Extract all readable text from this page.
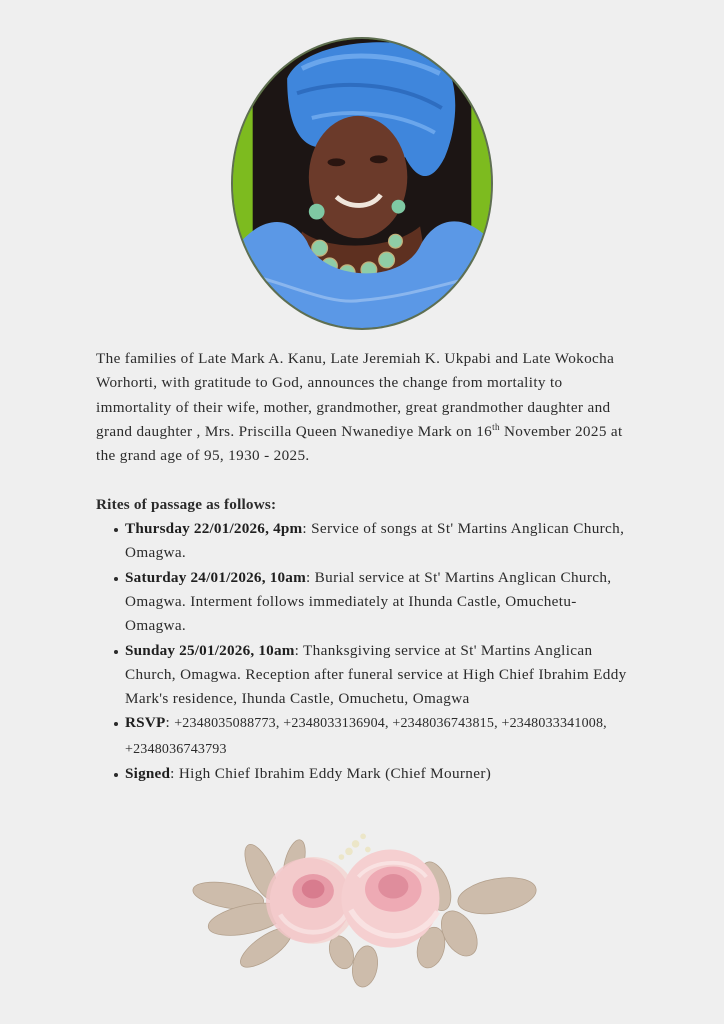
The families of Late Mark A. Kanu, Late Jeremiah K. Ukpabi and Late Wokocha Worhorti, with gratitude to God, announces the change from mortality to immortality of their wife, mother, grandmother, great grandmother daughter and grand daughter , Mrs. Priscilla Queen Nwanediye Mark on 16th November 2025 at the grand age of 95, 1930 - 2025.

Rites of passage as follows:

Thursday 22/01/2026, 4pm: Service of songs at St' Martins Anglican Church, Omagwa.
Saturday 24/01/2026, 10am: Burial service at St' Martins Anglican Church, Omagwa. Interment follows immediately at Ihunda Castle, Omuchetu-Omagwa.
Sunday 25/01/2026, 10am: Thanksgiving service at St' Martins Anglican Church, Omagwa. Reception after funeral service at High Chief Ibrahim Eddy Mark's residence, Ihunda Castle, Omuchetu, Omagwa
RSVP: +2348035088773, +2348033136904, +2348036743815, +2348033341008, +2348036743793
Signed: High Chief Ibrahim Eddy Mark (Chief Mourner)
